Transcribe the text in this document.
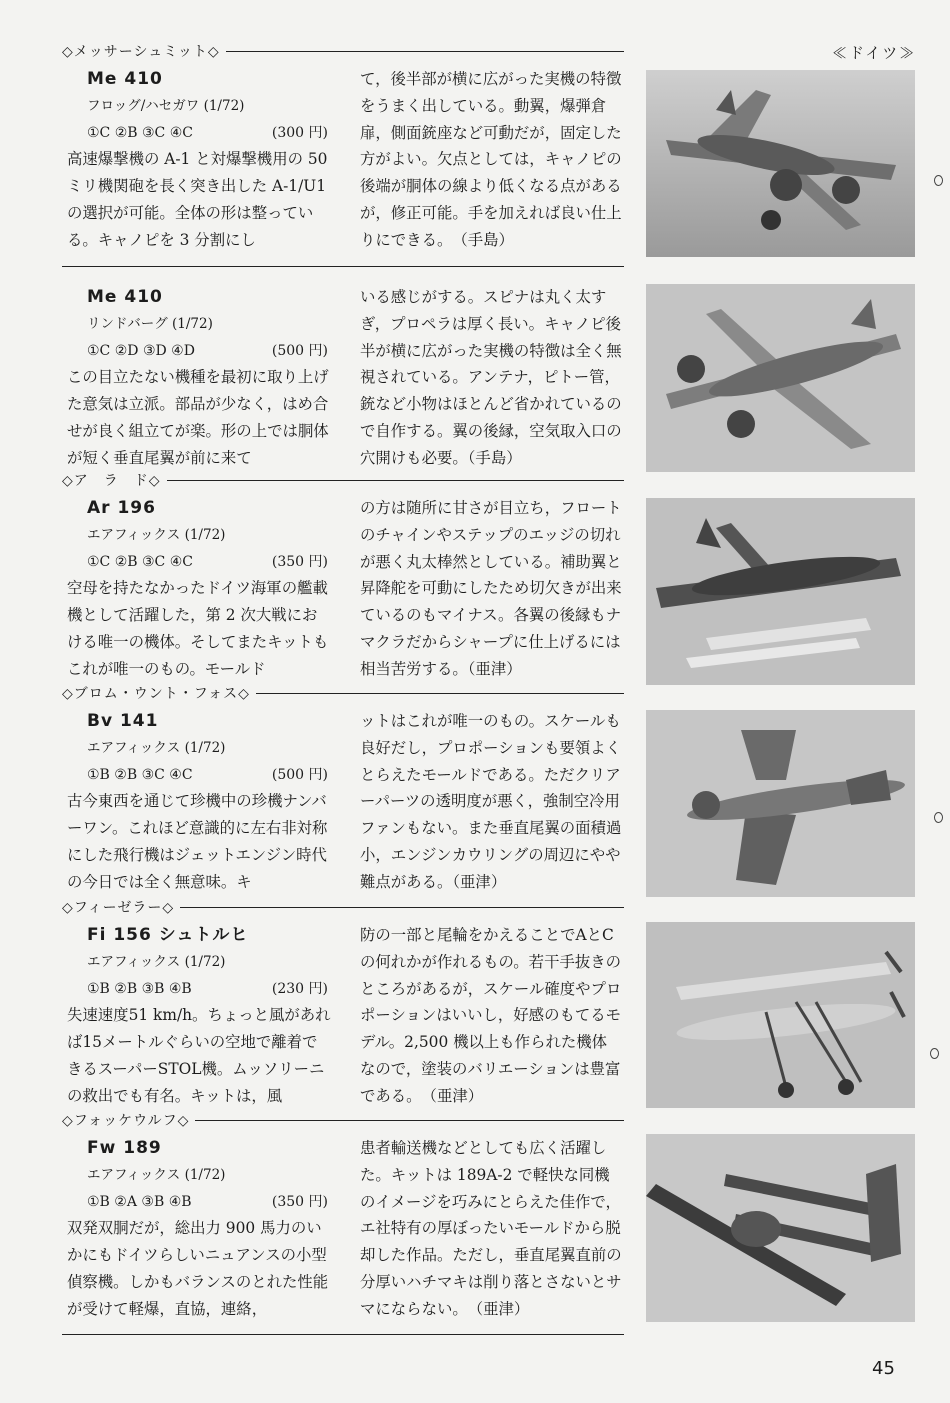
≪ドイツ≫
◇メッサーシュミット◇
Me 410
フロッグ/ハセガワ (1/72)
①C ②B ③C ④C	(300 円)
高速爆撃機の A-1 と対爆撃機用の 50 ミリ機関砲を長く突き出した A-1/U1 の選択が可能。全体の形は整っている。キャノピを 3 分割にし
て，後半部が横に広がった実機の特徴をうまく出している。動翼，爆弾倉扉，側面銃座など可動だが，固定した方がよい。欠点としては，キャノピの後端が胴体の線より低くなる点があるが，修正可能。手を加えれば良い仕上りにできる。　（手島）
Me 410
リンドバーグ (1/72)
①C ②D ③D ④D	(500 円)
この目立たない機種を最初に取り上げた意気は立派。部品が少なく，はめ合せが良く組立てが楽。形の上では胴体が短く垂直尾翼が前に来て
いる感じがする。スピナは丸く太すぎ，プロペラは厚く長い。キャノピ後半が横に広がった実機の特徴は全く無視されている。アンテナ，ピトー管，銃など小物はほとんど省かれているので自作する。翼の後縁，空気取入口の穴開けも必要。（手島）
◇ア　ラ　ド◇
Ar 196
エアフィックス (1/72)
①C ②B ③C ④C	(350 円)
空母を持たなかったドイツ海軍の艦載機として活躍した，第 2 次大戦における唯一の機体。そしてまたキットもこれが唯一のもの。モールド
の方は随所に甘さが目立ち，フロートのチャインやステップのエッジの切れが悪く丸太棒然としている。補助翼と昇降舵を可動にしたため切欠きが出来ているのもマイナス。各翼の後縁もナマクラだからシャープに仕上げるには相当苦労する。（亜津）
◇ブロム・ウント・フォス◇
Bv 141
エアフィックス (1/72)
①B ②B ③C ④C	(500 円)
古今東西を通じて珍機中の珍機ナンバーワン。これほど意識的に左右非対称にした飛行機はジェットエンジン時代の今日では全く無意味。キ
ットはこれが唯一のもの。スケールも良好だし，プロポーションも要領よくとらえたモールドである。ただクリアーパーツの透明度が悪く，強制空冷用ファンもない。また垂直尾翼の面積過小，エンジンカウリングの周辺にやや難点がある。（亜津）
◇フィーゼラー◇
Fi 156 シュトルヒ
エアフィックス (1/72)
①B ②B ③B ④B	(230 円)
失速速度51 km/h。ちょっと風があれば15メートルぐらいの空地で離着できるスーパーSTOL機。ムッソリーニの救出でも有名。キットは，風
防の一部と尾輪をかえることでAとCの何れかが作れるもの。若干手抜きのところがあるが，スケール確度やプロポーションはいいし，好感のもてるモデル。2,500 機以上も作られた機体なので，塗装のバリエーションは豊富である。　（亜津）
◇フォッケウルフ◇
Fw 189
エアフィックス (1/72)
①B ②A ③B ④B	(350 円)
双発双胴だが，総出力 900 馬力のいかにもドイツらしいニュアンスの小型偵察機。しかもバランスのとれた性能が受けて軽爆，直協，連絡，
患者輸送機などとしても広く活躍した。キットは 189A-2 で軽快な同機のイメージを巧みにとらえた佳作で，エ社特有の厚ぼったいモールドから脱却した作品。ただし，垂直尾翼直前の分厚いハチマキは削り落とさないとサマにならない。　（亜津）
45
